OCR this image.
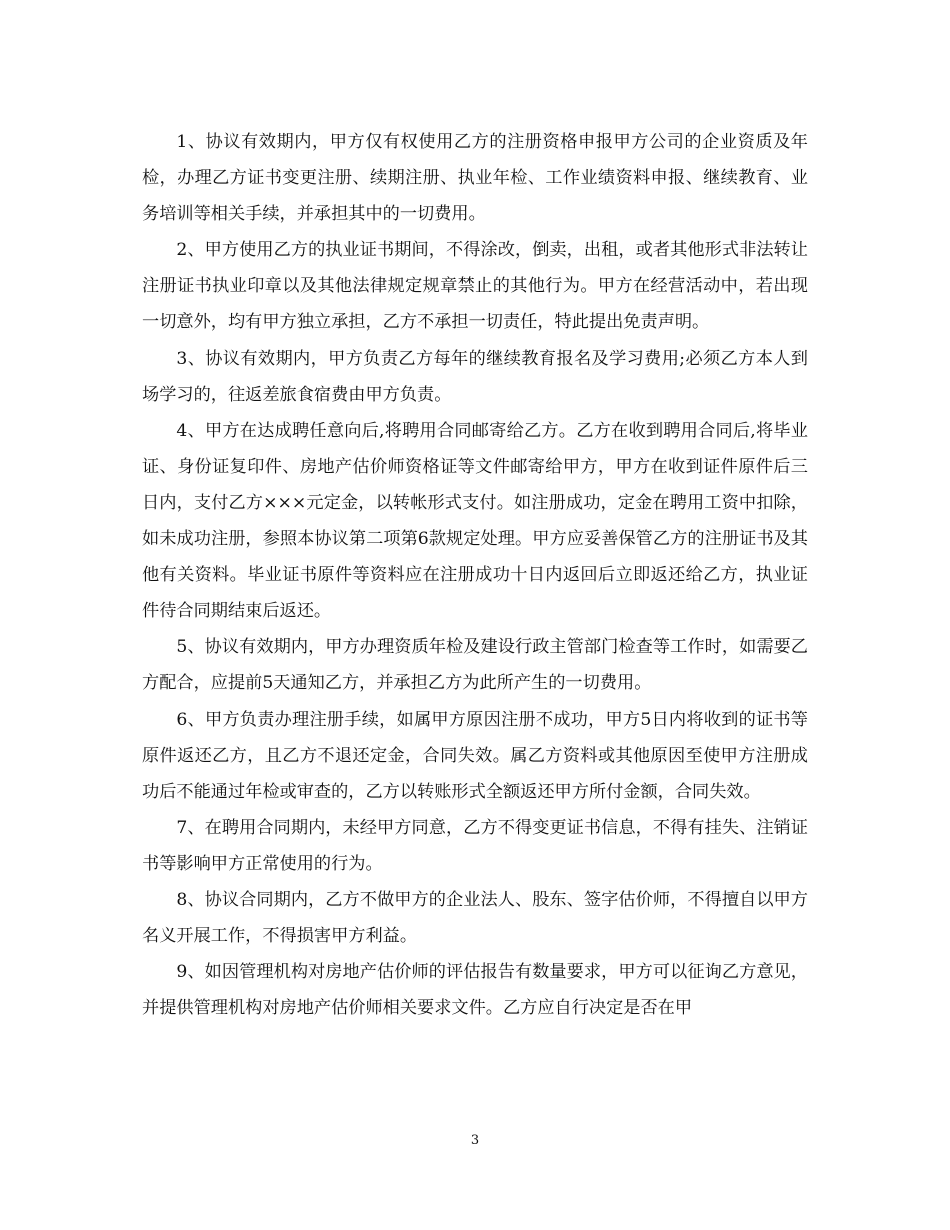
1、协议有效期内，甲方仅有权使用乙方的注册资格申报甲方公司的企业资质及年检，办理乙方证书变更注册、续期注册、执业年检、工作业绩资料申报、继续教育、业务培训等相关手续，并承担其中的一切费用。

2、甲方使用乙方的执业证书期间，不得涂改，倒卖，出租，或者其他形式非法转让注册证书执业印章以及其他法律规定规章禁止的其他行为。甲方在经营活动中，若出现一切意外，均有甲方独立承担，乙方不承担一切责任，特此提出免责声明。

3、协议有效期内，甲方负责乙方每年的继续教育报名及学习费用;必须乙方本人到场学习的，往返差旅食宿费由甲方负责。

4、甲方在达成聘任意向后,将聘用合同邮寄给乙方。乙方在收到聘用合同后,将毕业证、身份证复印件、房地产估价师资格证等文件邮寄给甲方，甲方在收到证件原件后三日内，支付乙方×××元定金，以转帐形式支付。如注册成功，定金在聘用工资中扣除，如未成功注册，参照本协议第二项第6款规定处理。甲方应妥善保管乙方的注册证书及其他有关资料。毕业证书原件等资料应在注册成功十日内返回后立即返还给乙方，执业证件待合同期结束后返还。

5、协议有效期内，甲方办理资质年检及建设行政主管部门检查等工作时，如需要乙方配合，应提前5天通知乙方，并承担乙方为此所产生的一切费用。

6、甲方负责办理注册手续，如属甲方原因注册不成功，甲方5日内将收到的证书等原件返还乙方，且乙方不退还定金，合同失效。属乙方资料或其他原因至使甲方注册成功后不能通过年检或审查的，乙方以转账形式全额返还甲方所付金额，合同失效。

7、在聘用合同期内，未经甲方同意，乙方不得变更证书信息，不得有挂失、注销证书等影响甲方正常使用的行为。

8、协议合同期内，乙方不做甲方的企业法人、股东、签字估价师，不得擅自以甲方名义开展工作，不得损害甲方利益。

9、如因管理机构对房地产估价师的评估报告有数量要求，甲方可以征询乙方意见，并提供管理机构对房地产估价师相关要求文件。乙方应自行决定是否在甲

3
